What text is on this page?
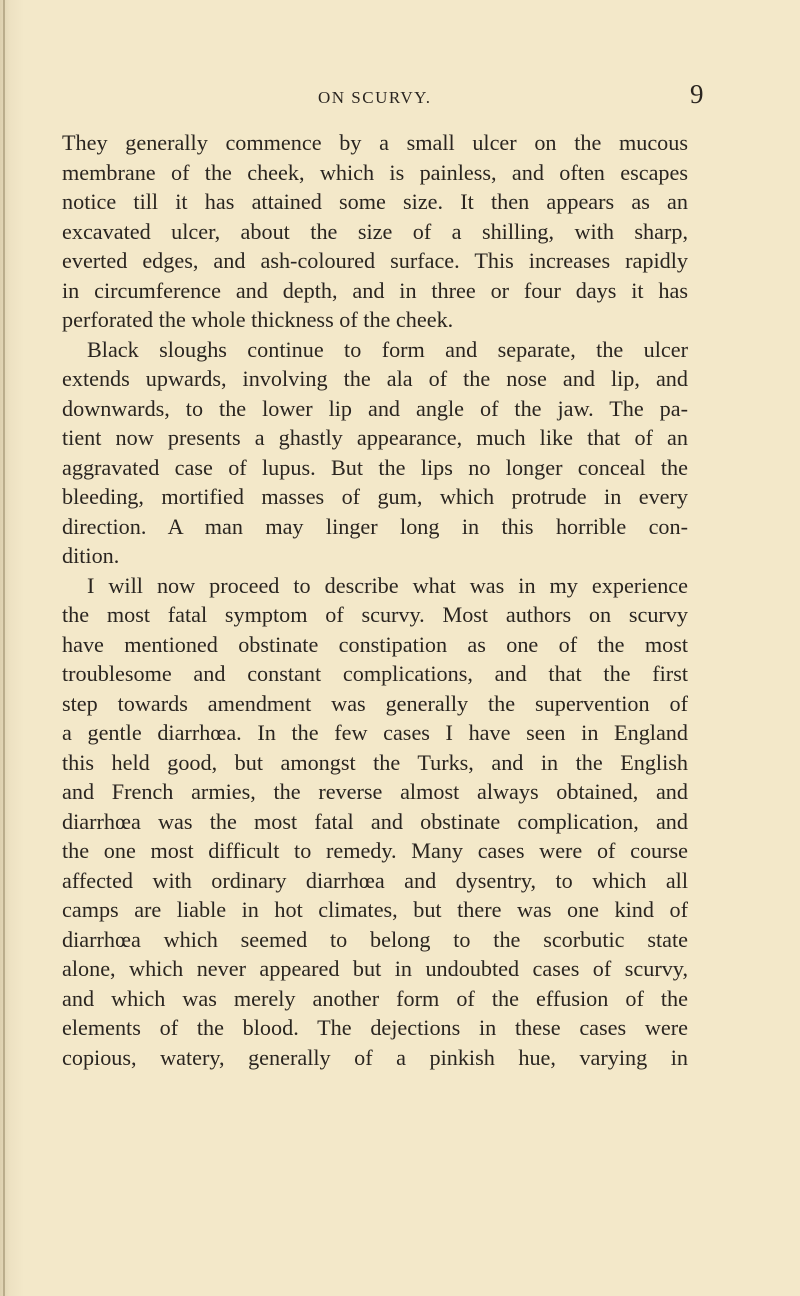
ON SCURVY.	9
They generally commence by a small ulcer on the mucous
membrane of the cheek, which is painless, and often escapes
notice till it has attained some size. It then appears as an
excavated ulcer, about the size of a shilling, with sharp,
everted edges, and ash-coloured surface. This increases rapidly
in circumference and depth, and in three or four days it has
perforated the whole thickness of the cheek.
Black sloughs continue to form and separate, the ulcer
extends upwards, involving the ala of the nose and lip, and
downwards, to the lower lip and angle of the jaw. The pa-
tient now presents a ghastly appearance, much like that of an
aggravated case of lupus. But the lips no longer conceal the
bleeding, mortified masses of gum, which protrude in every
direction. A man may linger long in this horrible con-
dition.
I will now proceed to describe what was in my experience
the most fatal symptom of scurvy. Most authors on scurvy
have mentioned obstinate constipation as one of the most
troublesome and constant complications, and that the first
step towards amendment was generally the supervention of
a gentle diarrhœa. In the few cases I have seen in England
this held good, but amongst the Turks, and in the English
and French armies, the reverse almost always obtained, and
diarrhœa was the most fatal and obstinate complication, and
the one most difficult to remedy. Many cases were of course
affected with ordinary diarrhœa and dysentry, to which all
camps are liable in hot climates, but there was one kind of
diarrhœa which seemed to belong to the scorbutic state
alone, which never appeared but in undoubted cases of scurvy,
and which was merely another form of the effusion of the
elements of the blood. The dejections in these cases were
copious, watery, generally of a pinkish hue, varying in
